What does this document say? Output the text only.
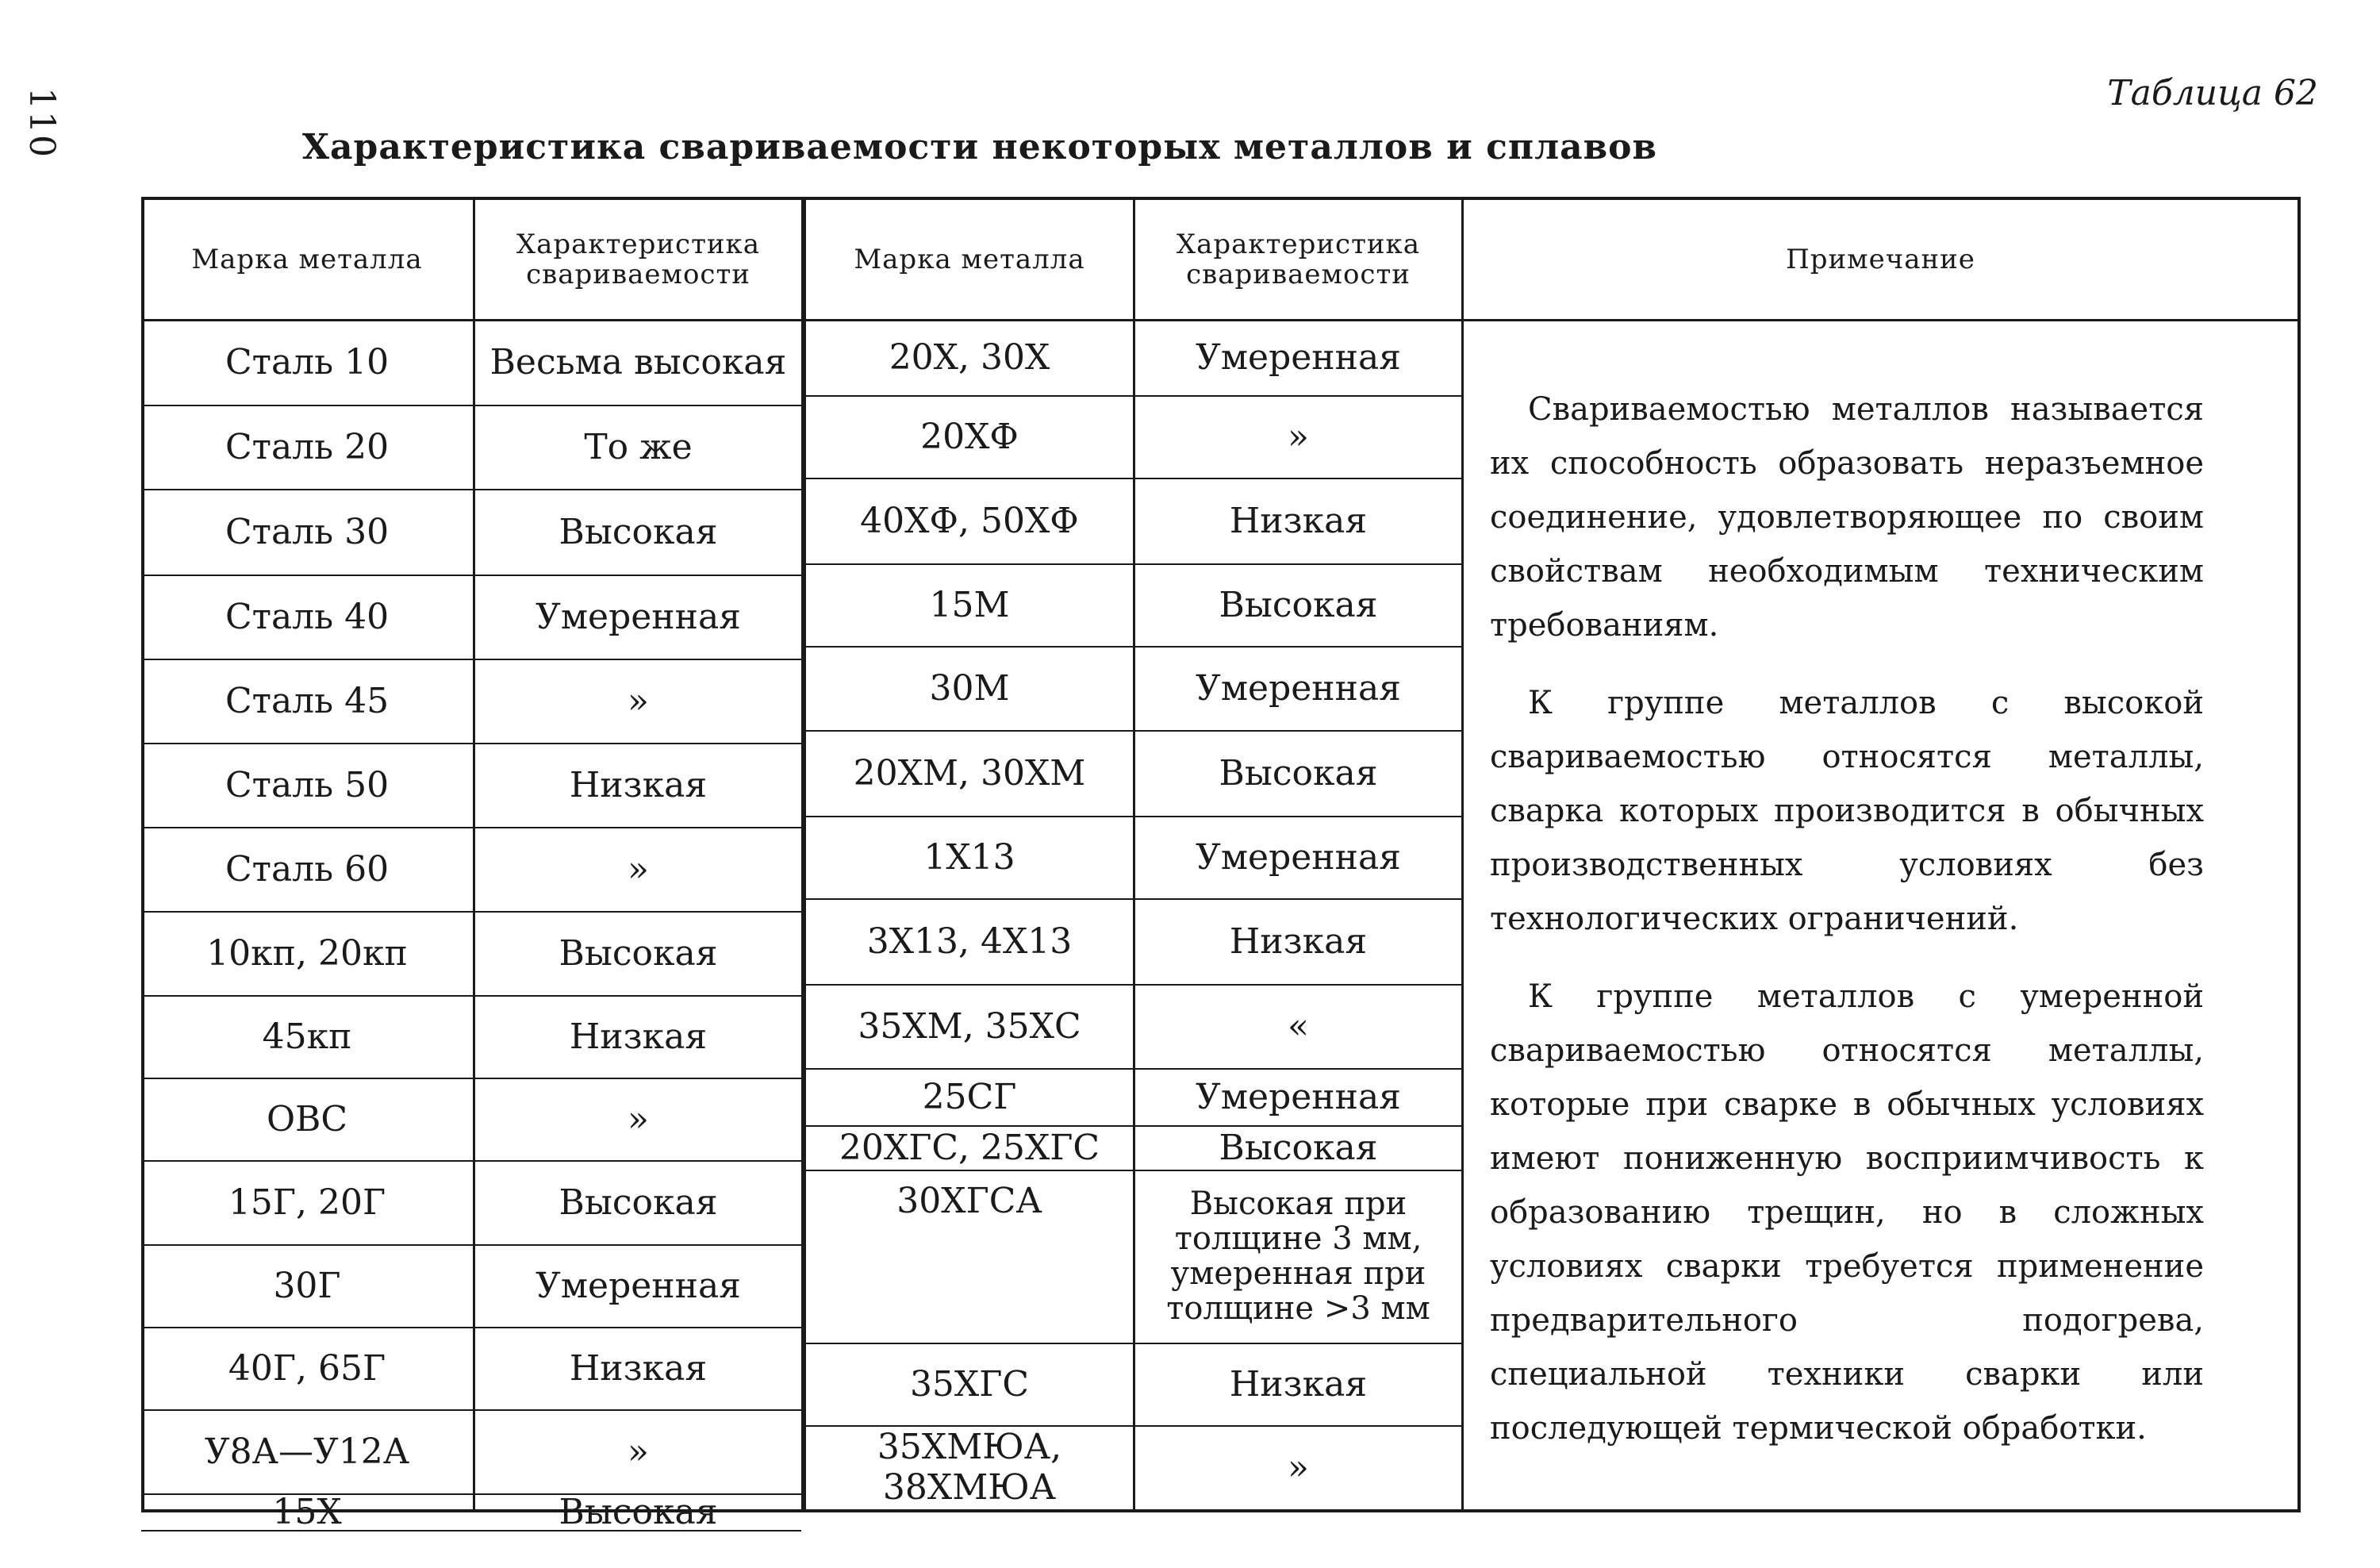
110	Таблица 62
Характеристика свариваемости некоторых металлов и сплавов
Марка металла	Характеристика свариваемости	Марка металла	Характеристика свариваемости	Примечание
Сталь 10	Весьма высокая
Сталь 20	То же
Сталь 30	Высокая
Сталь 40	Умеренная
Сталь 45	»
Сталь 50	Низкая
Сталь 60	»
10кп, 20кп	Высокая
45кп	Низкая
ОВС	»
15Г, 20Г	Высокая
30Г	Умеренная
40Г, 65Г	Низкая
У8А—У12А	»
15Х	Высокая
20Х, 30Х	Умеренная
20ХФ	»
40ХФ, 50ХФ	Низкая
15М	Высокая
30М	Умеренная
20ХМ, 30ХМ	Высокая
1Х13	Умеренная
3Х13, 4Х13	Низкая
35ХМ, 35ХС	«
25СГ	Умеренная
20ХГС, 25ХГС	Высокая
30ХГСА	Высокая при толщине 3 мм, умеренная при толщине >3 мм
35ХГС	Низкая
35ХМЮА, 38ХМЮА	»

Свариваемостью металлов называется их способность образовать неразъемное соединение, удовлетворяющее по своим свойствам необходимым техническим требованиям.

К группе металлов с высокой свариваемостью относятся металлы, сварка которых производится в обычных производственных условиях без технологических ограничений.

К группе металлов с умеренной свариваемостью относятся металлы, которые при сварке в обычных условиях имеют пониженную восприимчивость к образованию трещин, но в сложных условиях сварки требуется применение предварительного подогрева, специальной техники сварки или последующей термической обработки.
